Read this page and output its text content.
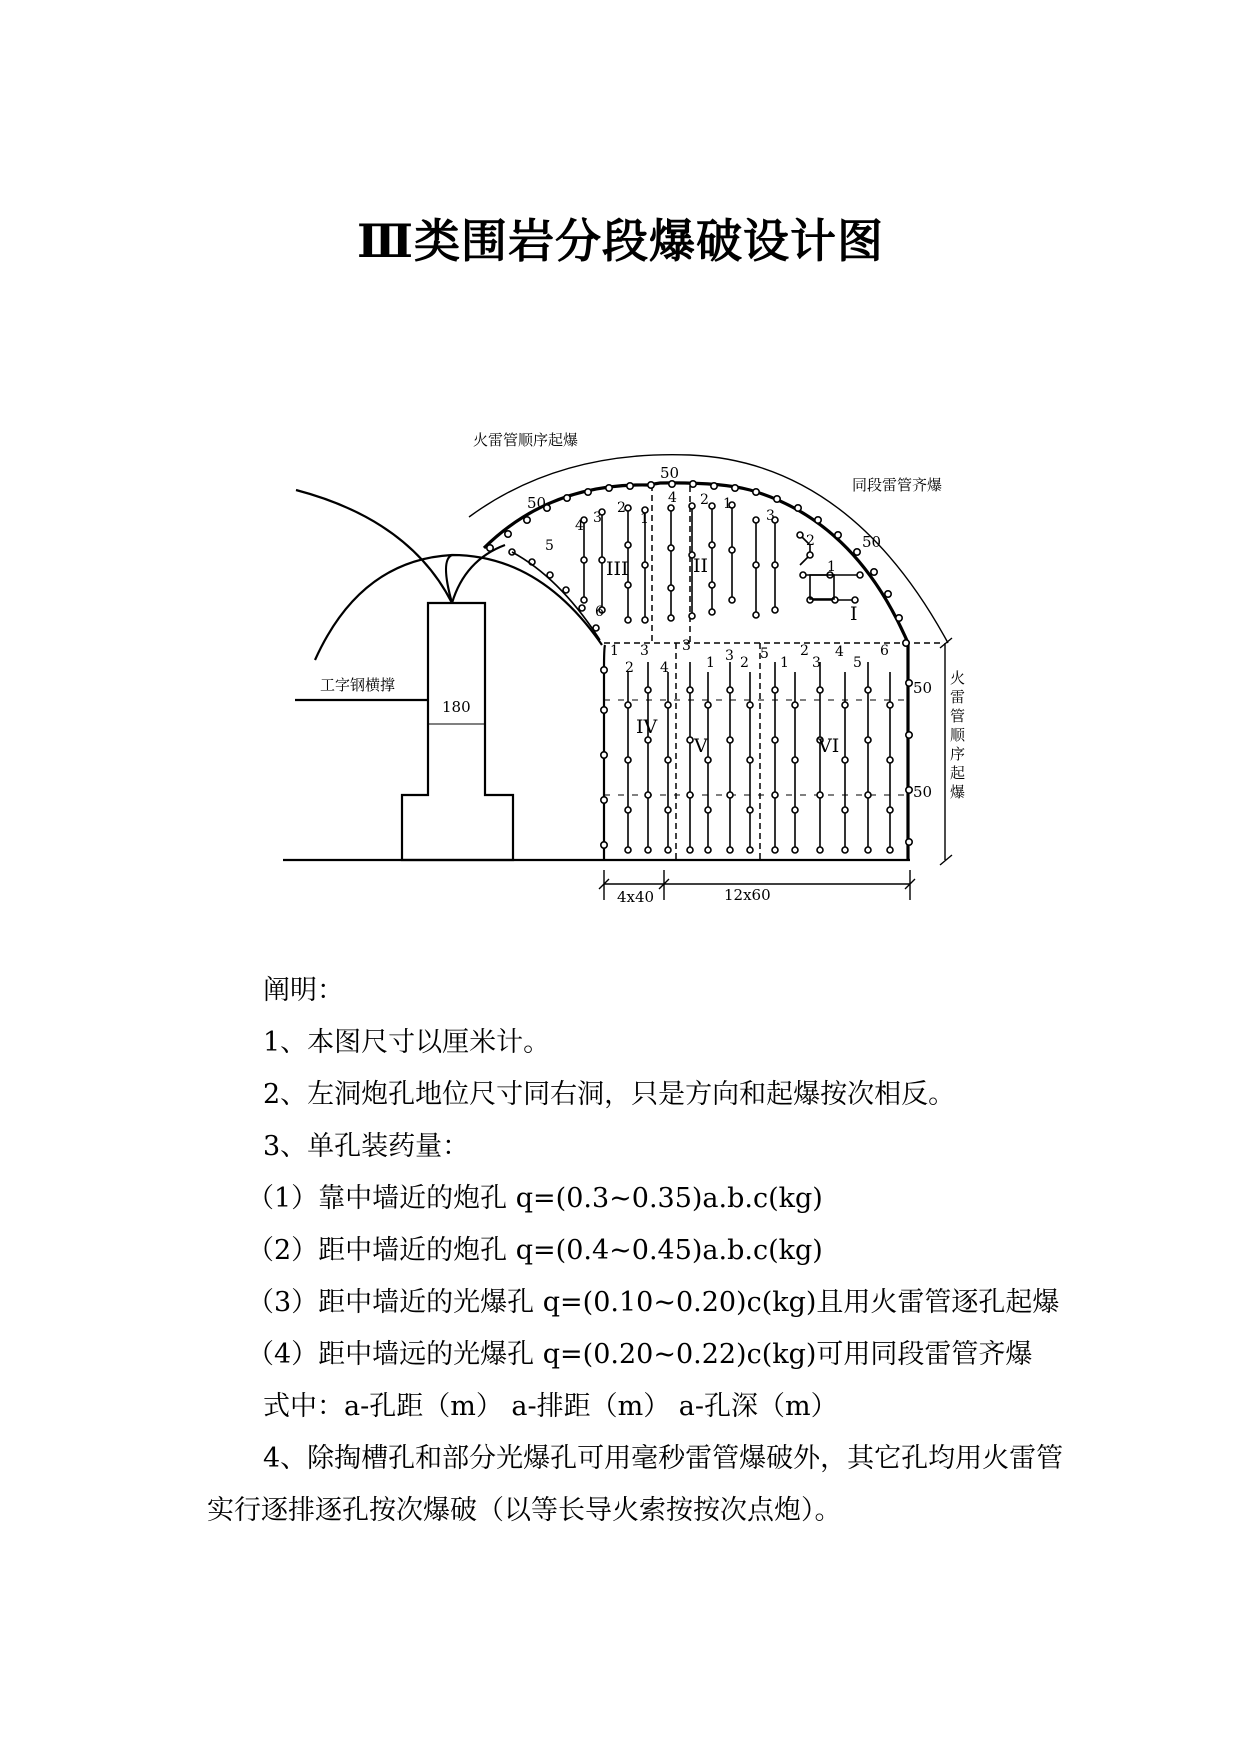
Ⅲ类围岩分段爆破设计图
4 3
5
2
1
4 2 1
3
2
1
6
3
1 3 2
5
1
2
3
4
5
6
1
2
3
4
火雷管顺序起爆
同段雷管齐爆
工字钢横撑
180
4x40	12x60
50
50
50
50
50 火雷管顺序起爆
I
II
III
IV
V	VI

阐明：

1、本图尺寸以厘米计。

2、左洞炮孔地位尺寸同右洞，只是方向和起爆按次相反。

3、单孔装药量：

（1）靠中墙近的炮孔 q=(0.3~0.35)a.b.c(kg)

（2）距中墙近的炮孔 q=(0.4~0.45)a.b.c(kg)

（3）距中墙近的光爆孔 q=(0.10~0.20)c(kg)且用火雷管逐孔起爆

（4）距中墙远的光爆孔 q=(0.20~0.22)c(kg)可用同段雷管齐爆

式中：a-孔距（m） a-排距（m） a-孔深（m）

4、除掏槽孔和部分光爆孔可用毫秒雷管爆破外，其它孔均用火雷管实行逐排逐孔按次爆破（以等长导火索按按次点炮）。
